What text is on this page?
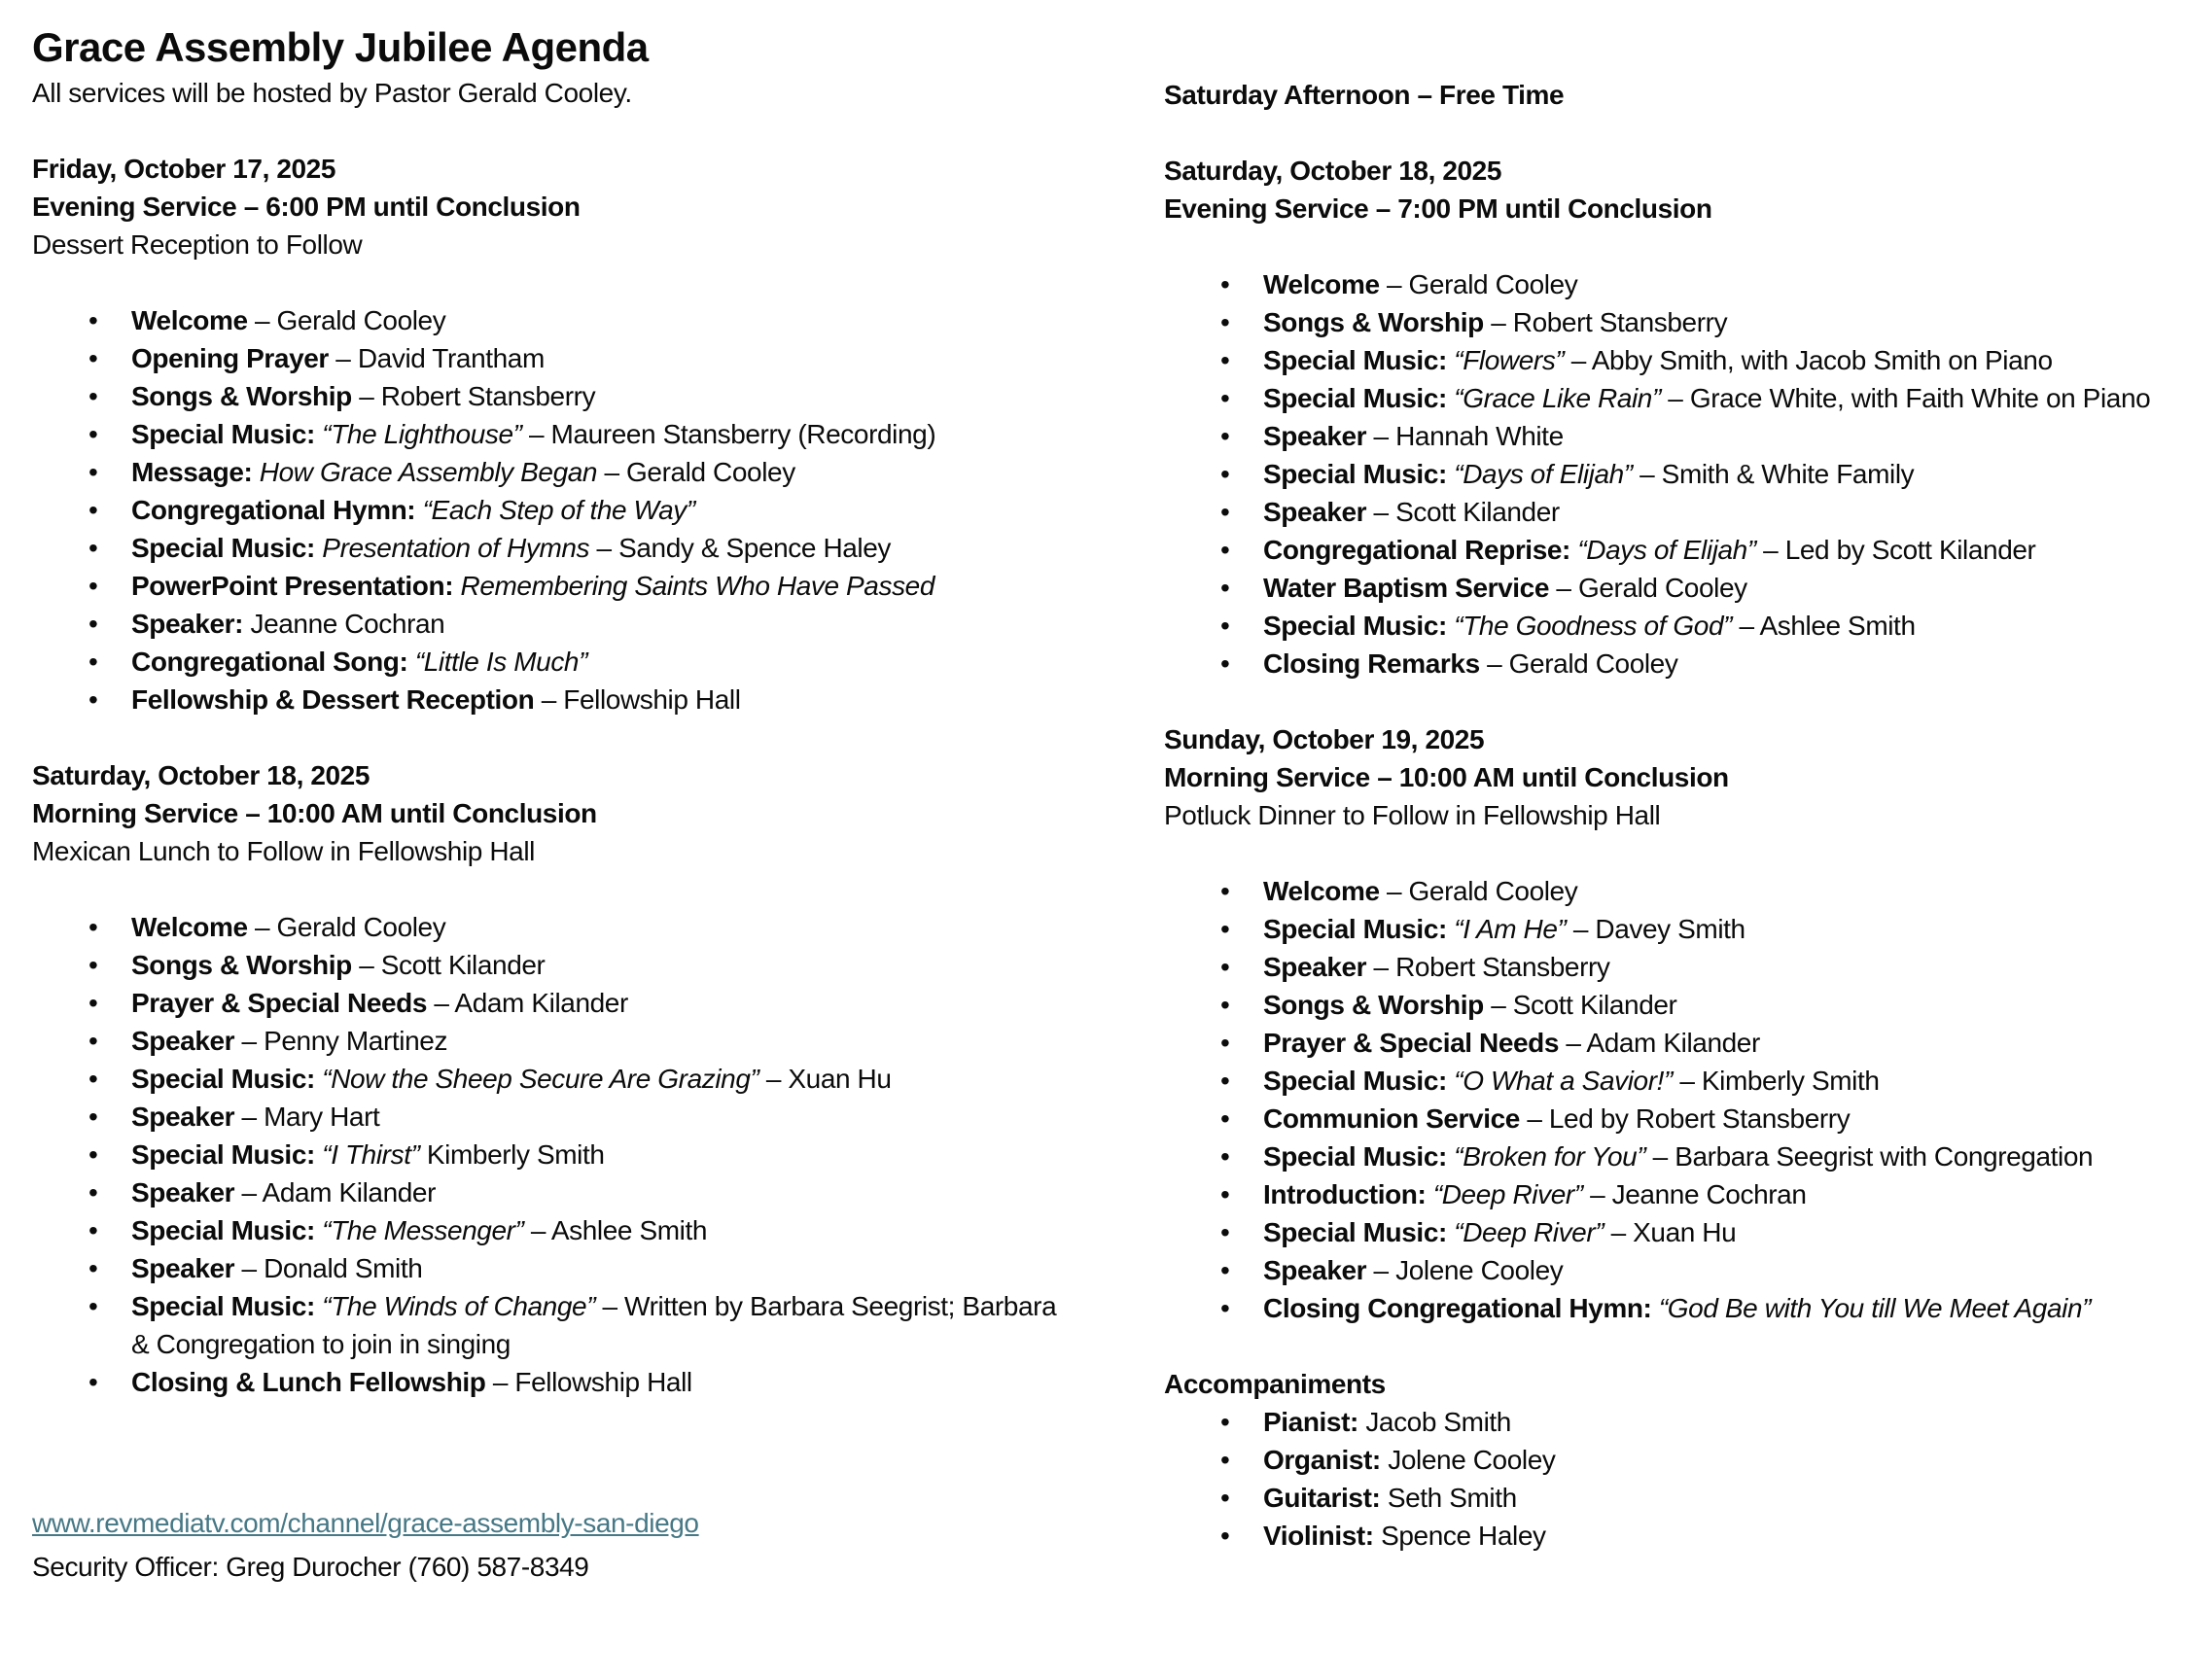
Grace Assembly Jubilee Agenda

All services will be hosted by Pastor Gerald Cooley.

Friday, October 17, 2025

Evening Service – 6:00 PM until Conclusion

Dessert Reception to Follow

• Welcome – Gerald Cooley
• Opening Prayer – David Trantham
• Songs & Worship – Robert Stansberry
• Special Music: “The Lighthouse” – Maureen Stansberry (Recording)
• Message: How Grace Assembly Began – Gerald Cooley
• Congregational Hymn: “Each Step of the Way”
• Special Music: Presentation of Hymns – Sandy & Spence Haley
• PowerPoint Presentation: Remembering Saints Who Have Passed
• Speaker: Jeanne Cochran
• Congregational Song: “Little Is Much”
• Fellowship & Dessert Reception – Fellowship Hall

Saturday, October 18, 2025

Morning Service – 10:00 AM until Conclusion

Mexican Lunch to Follow in Fellowship Hall

• Welcome – Gerald Cooley
• Songs & Worship – Scott Kilander
• Prayer & Special Needs – Adam Kilander
• Speaker – Penny Martinez
• Special Music: “Now the Sheep Secure Are Grazing” – Xuan Hu
• Speaker – Mary Hart
• Special Music: “I Thirst” Kimberly Smith
• Speaker – Adam Kilander
• Special Music: “The Messenger” – Ashlee Smith
• Speaker – Donald Smith
• Special Music: “The Winds of Change” – Written by Barbara Seegrist; Barbara & Congregation to join in singing
• Closing & Lunch Fellowship – Fellowship Hall
www.revmediatv.com/channel/grace-assembly-san-diego

Security Officer: Greg Durocher (760) 587-8349

Saturday Afternoon – Free Time

Saturday, October 18, 2025

Evening Service – 7:00 PM until Conclusion

• Welcome – Gerald Cooley
• Songs & Worship – Robert Stansberry
• Special Music: “Flowers” – Abby Smith, with Jacob Smith on Piano
• Special Music: “Grace Like Rain” – Grace White, with Faith White on Piano
• Speaker – Hannah White
• Special Music: “Days of Elijah” – Smith & White Family
• Speaker – Scott Kilander
• Congregational Reprise: “Days of Elijah” – Led by Scott Kilander
• Water Baptism Service – Gerald Cooley
• Special Music: “The Goodness of God” – Ashlee Smith
• Closing Remarks – Gerald Cooley

Sunday, October 19, 2025

Morning Service – 10:00 AM until Conclusion

Potluck Dinner to Follow in Fellowship Hall

• Welcome – Gerald Cooley
• Special Music: “I Am He” – Davey Smith
• Speaker – Robert Stansberry
• Songs & Worship – Scott Kilander
• Prayer & Special Needs – Adam Kilander
• Special Music: “O What a Savior!” – Kimberly Smith
• Communion Service – Led by Robert Stansberry
• Special Music: “Broken for You” – Barbara Seegrist with Congregation
• Introduction: “Deep River” – Jeanne Cochran
• Special Music: “Deep River” – Xuan Hu
• Speaker – Jolene Cooley
• Closing Congregational Hymn: “God Be with You till We Meet Again”

Accompaniments

• Pianist: Jacob Smith
• Organist: Jolene Cooley
• Guitarist: Seth Smith
• Violinist: Spence Haley
